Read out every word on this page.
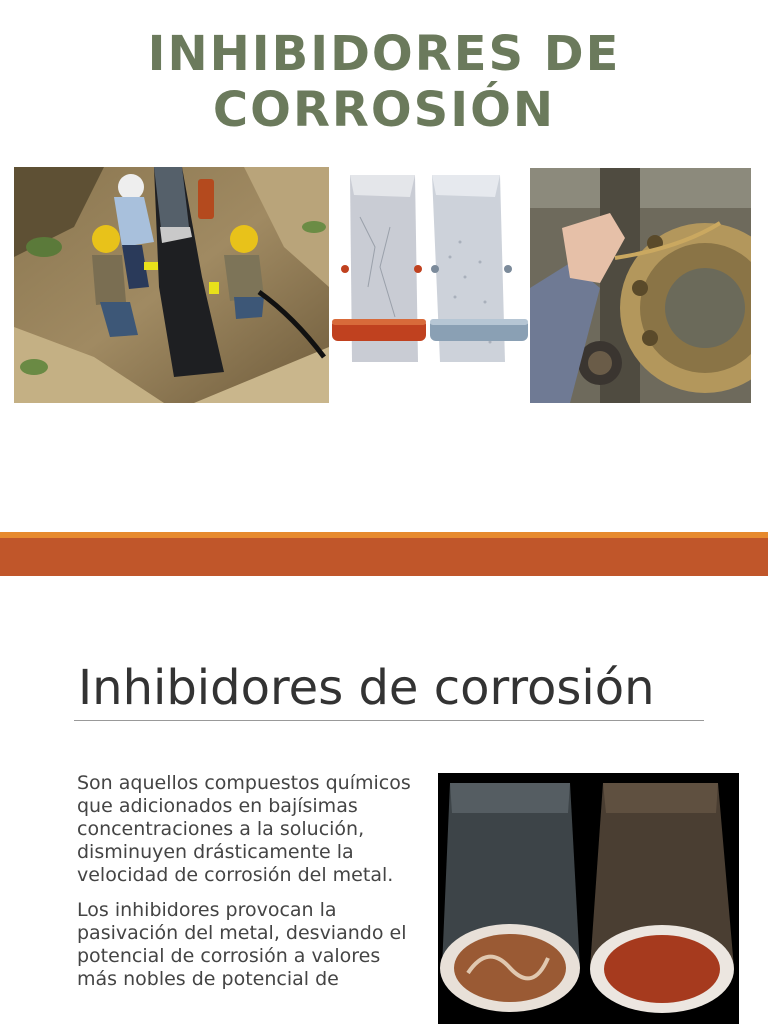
INHIBIDORES DE
CORROSIÓN
Inhibidores de corrosión

Son aquellos compuestos químicos que adicionados en bajísimas concentraciones a la solución, disminuyen drásticamente la velocidad de corrosión del metal.

Los inhibidores provocan la pasivación del metal, desviando el potencial de corrosión a valores más nobles de potencial de
